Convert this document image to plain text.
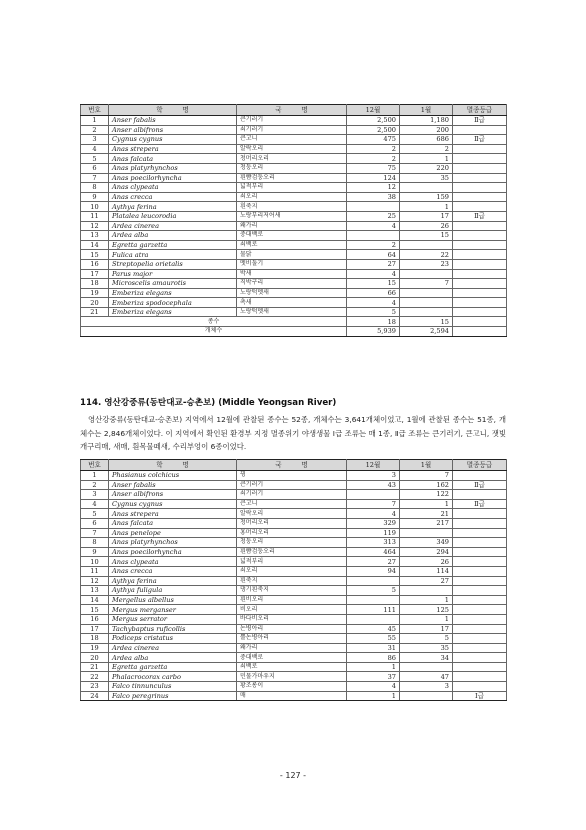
번호	학　　　명	국　　　명	12월	1월	멸종등급
1	Anser fabalis	큰기러기	2,500	1,180	Ⅱ급
2	Anser albifrons	쇠기러기	2,500	200	
3	Cygnus cygnus	큰고니	475	686	Ⅱ급
4	Anas strepera	알락오리	2	2	
5	Anas falcata	청머리오리	2	1	
6	Anas platyrhynchos	청둥오리	75	220	
7	Anas poecilorhyncha	흰뺨검둥오리	124	35	
8	Anas clypeata	넓적부리	12		
9	Anas crecca	쇠오리	38	159	
10	Aythya ferina	흰죽지		1	
11	Platalea leucorodia	노랑부리저어새	25	17	Ⅱ급
12	Ardea cinerea	왜가리	4	26	
13	Ardea alba	중대백로		15	
14	Egretta garzetta	쇠백로	2		
15	Fulica atra	물닭	64	22	
16	Streptopelia orietalis	멧비둘기	27	23	
17	Parus major	박새	4		
18	Microscelis amaurotis	직박구리	15	7	
19	Emberiza elegans	노랑턱멧새	66		
20	Emberiza spodocephala	촉새	4		
21	Emberiza elegans	노랑턱멧새	5		
종수			18	15	
개체수			5,939	2,594	
114. 영산강중류(동탄대교-승촌보) (Middle Yeongsan River)

영산강중류(동탄대교-승촌보) 지역에서 12월에 관찰된 종수는 52종, 개체수는 3,641개체이었고, 1월에 관찰된 종수는 51종, 개체수는 2,846개체이었다. 이 지역에서 확인된 환경부 지정 멸종위기 야생생물 Ⅰ급 조류는 매 1종, Ⅱ급 조류는 큰기러기, 큰고니, 잿빛개구리매, 새매, 흰목물떼새, 수리부엉이 6종이었다.

번호	학　　　명	국　　　명	12월	1월	멸종등급
1	Phasianus colchicus	꿩	3	7	
2	Anser fabalis	큰기러기	43	162	Ⅱ급
3	Anser albifrons	쇠기러기		122	
4	Cygnus cygnus	큰고니	7	1	Ⅱ급
5	Anas strepera	알락오리	4	21	
6	Anas falcata	청머리오리	329	217	
7	Anas penelope	홍머리오리	119		
8	Anas platyrhynchos	청둥오리	313	349	
9	Anas poecilorhyncha	흰뺨검둥오리	464	294	
10	Anas clypeata	넓적부리	27	26	
11	Anas crecca	쇠오리	94	114	
12	Aythya ferina	흰죽지		27	
13	Aythya fuligula	댕기흰죽지	5		
14	Mergellus albellus	흰비오리		1	
15	Mergus merganser	비오리	111	125	
16	Mergus serrator	바다비오리		1	
17	Tachybaptus ruficollis	논병아리	45	17	
18	Podiceps cristatus	뿔논병아리	55	5	
19	Ardea cinerea	왜가리	31	35	
20	Ardea alba	중대백로	86	34	
21	Egretta garzetta	쇠백로	1		
22	Phalacrocorax carbo	민물가마우지	37	47	
23	Falco tinnunculus	황조롱이	4	3	
24	Falco peregrinus	매	1		Ⅰ급
- 127 -
